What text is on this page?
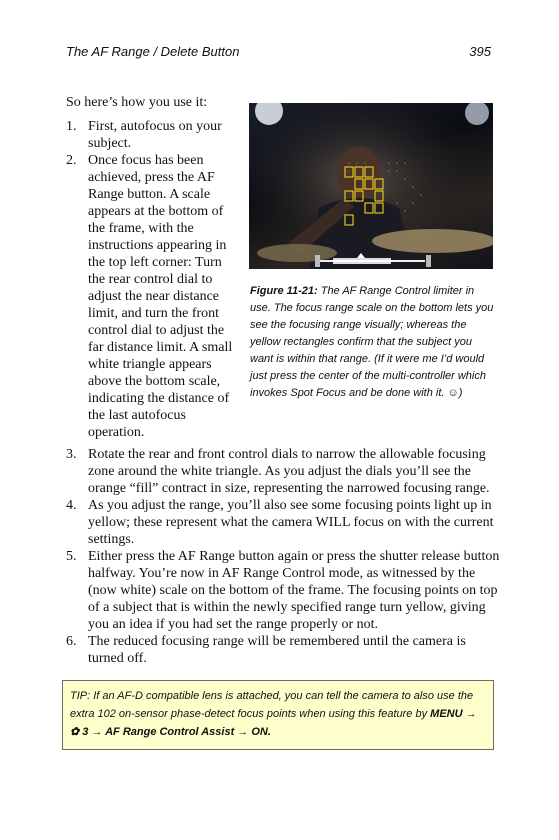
The AF Range / Delete Button	395
So here’s how you use it:

1. First, autofocus on your subject.

2. Once focus has been achieved, press the AF Range button. A scale appears at the bottom of the frame, with the instructions appearing in the top left corner: Turn the rear control dial to adjust the near distance limit, and turn the front control dial to adjust the far distance limit. A small white triangle appears above the bottom scale, indicating the distance of the last autofocus operation.

Figure 11-21: The AF Range Control limiter in use. The focus range scale on the bottom lets you see the focusing range visually; whereas the yellow rectangles confirm that the subject you want is within that range. (If it were me I’d would just press the center of the multi-controller which invokes Spot Focus and be done with it. ☺)

3. Rotate the rear and front control dials to narrow the allowable focusing zone around the white triangle. As you adjust the dials you’ll see the orange “fill” contract in size, representing the narrowed focusing range.

4. As you adjust the range, you’ll also see some focusing points light up in yellow; these represent what the camera WILL focus on with the current settings.

5. Either press the AF Range button again or press the shutter release button halfway. You’re now in AF Range Control mode, as witnessed by the (now white) scale on the bottom of the frame. The focusing points on top of a subject that is within the newly specified range turn yellow, giving you an idea if you had set the range properly or not.

6. The reduced focusing range will be remembered until the camera is turned off.

TIP: If an AF-D compatible lens is attached, you can tell the camera to also use the extra 102 on-sensor phase-detect focus points when using this feature by MENU → ✿ 3 → AF Range Control Assist → ON.
